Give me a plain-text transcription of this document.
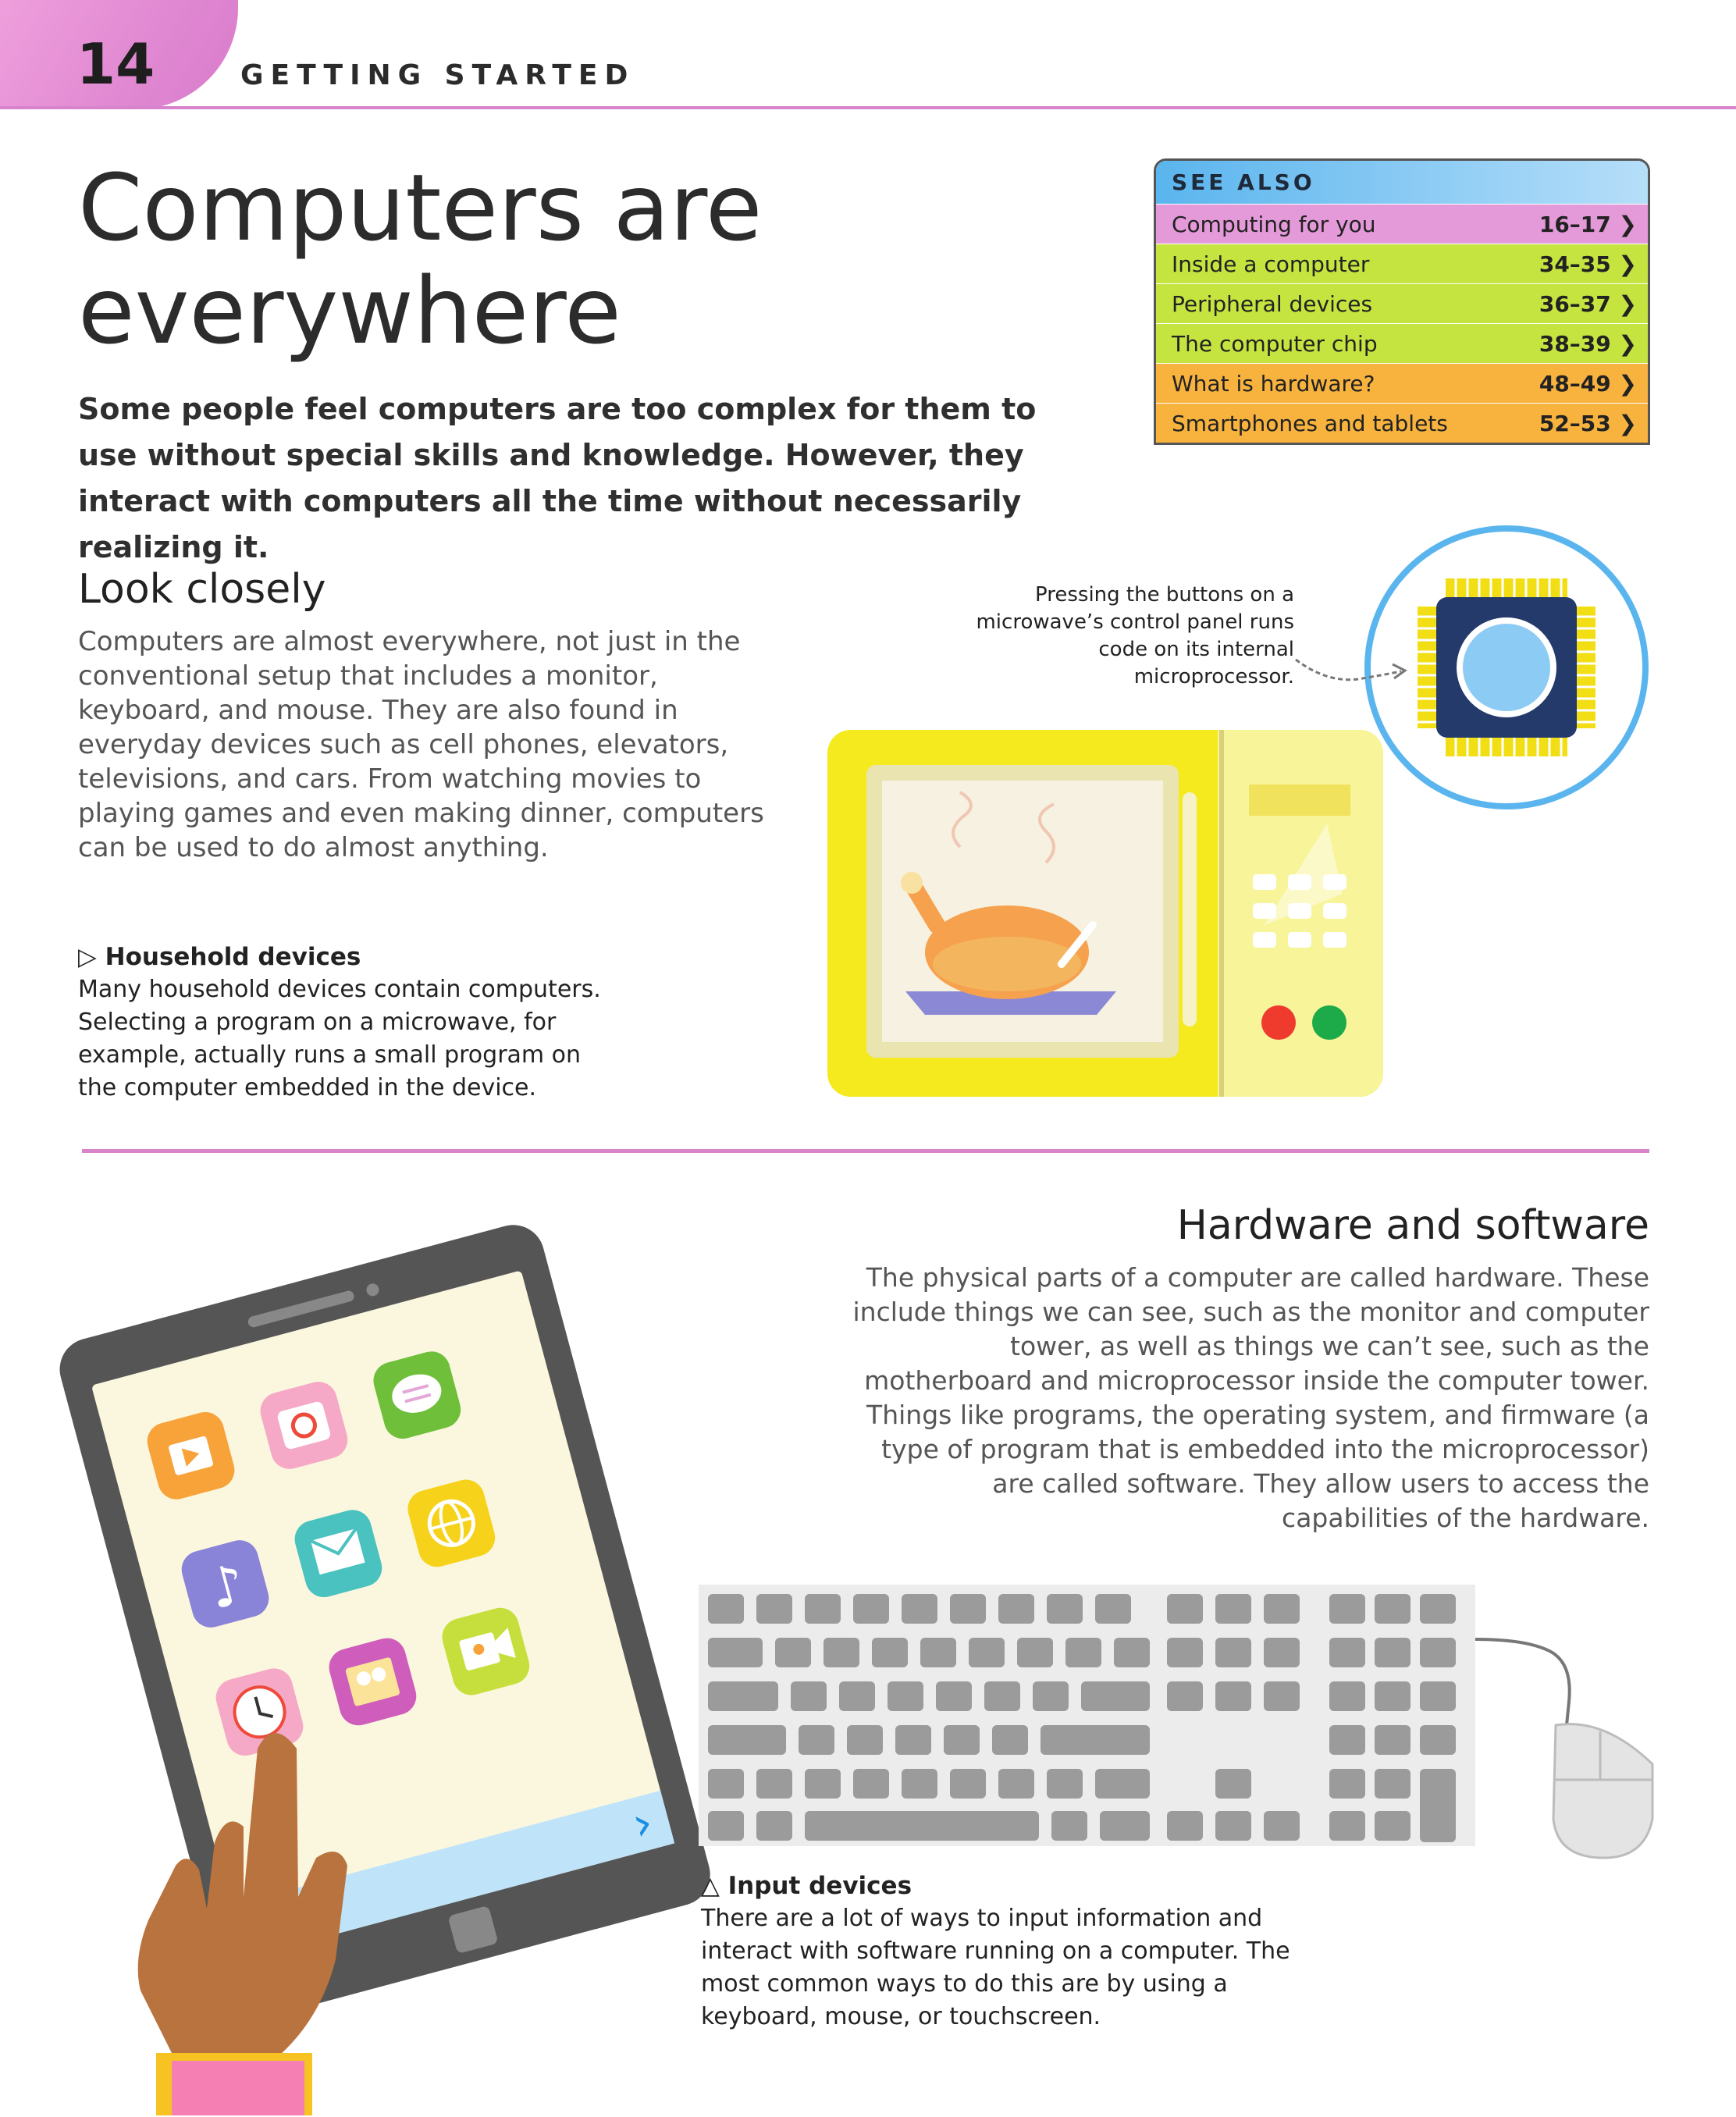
14	GETTING STARTED
Computers are
everywhere
Some people feel computers are too complex for them to use without special skills and knowledge. However, they interact with computers all the time without necessarily realizing it.
SEE ALSO
Computing for you	16–17 ❯
Inside a computer	34–35 ❯
Peripheral devices	36–37 ❯
The computer chip	38–39 ❯
What is hardware?	48–49 ❯
Smartphones and tablets	52–53 ❯
Look closely
Computers are almost everywhere, not just in the conventional setup that includes a monitor, keyboard, and mouse. They are also found in everyday devices such as cell phones, elevators, televisions, and cars. From watching movies to playing games and even making dinner, computers can be used to do almost anything.
▷ Household devices
Many household devices contain computers. Selecting a program on a microwave, for example, actually runs a small program on the computer embedded in the device.
Pressing the buttons on a microwave’s control panel runs code on its internal microprocessor.
›
♪
Hardware and software
The physical parts of a computer are called hardware. These include things we can see, such as the monitor and computer tower, as well as things we can’t see, such as the motherboard and microprocessor inside the computer tower. Things like programs, the operating system, and firmware (a type of program that is embedded into the microprocessor) are called software. They allow users to access the capabilities of the hardware.
△ Input devices
There are a lot of ways to input information and interact with software running on a computer. The most common ways to do this are by using a keyboard, mouse, or touchscreen.
